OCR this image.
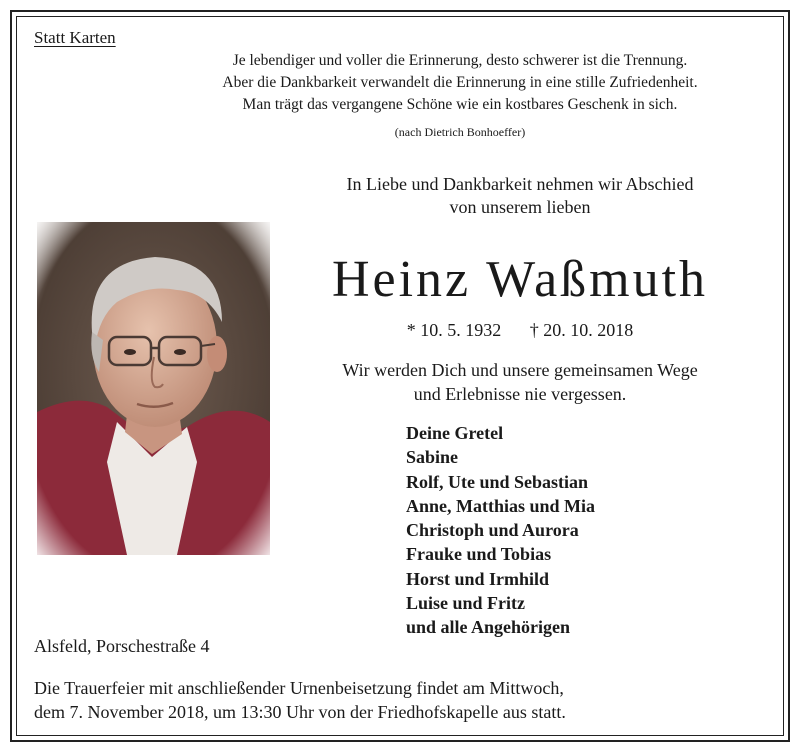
Statt Karten
Je lebendiger und voller die Erinnerung, desto schwerer ist die Trennung.
Aber die Dankbarkeit verwandelt die Erinnerung in eine stille Zufriedenheit.
Man trägt das vergangene Schöne wie ein kostbares Geschenk in sich.
(nach Dietrich Bonhoeffer)
In Liebe und Dankbarkeit nehmen wir Abschied
von unserem lieben
Heinz Waßmuth
* 10. 5. 1932 † 20. 10. 2018
Wir werden Dich und unsere gemeinsamen Wege
und Erlebnisse nie vergessen.
Deine Gretel
Sabine
Rolf, Ute und Sebastian
Anne, Matthias und Mia
Christoph und Aurora
Frauke und Tobias
Horst und Irmhild
Luise und Fritz
und alle Angehörigen
Alsfeld, Porschestraße 4
Die Trauerfeier mit anschließender Urnenbeisetzung findet am Mittwoch,
dem 7. November 2018, um 13:30 Uhr von der Friedhofskapelle aus statt.
